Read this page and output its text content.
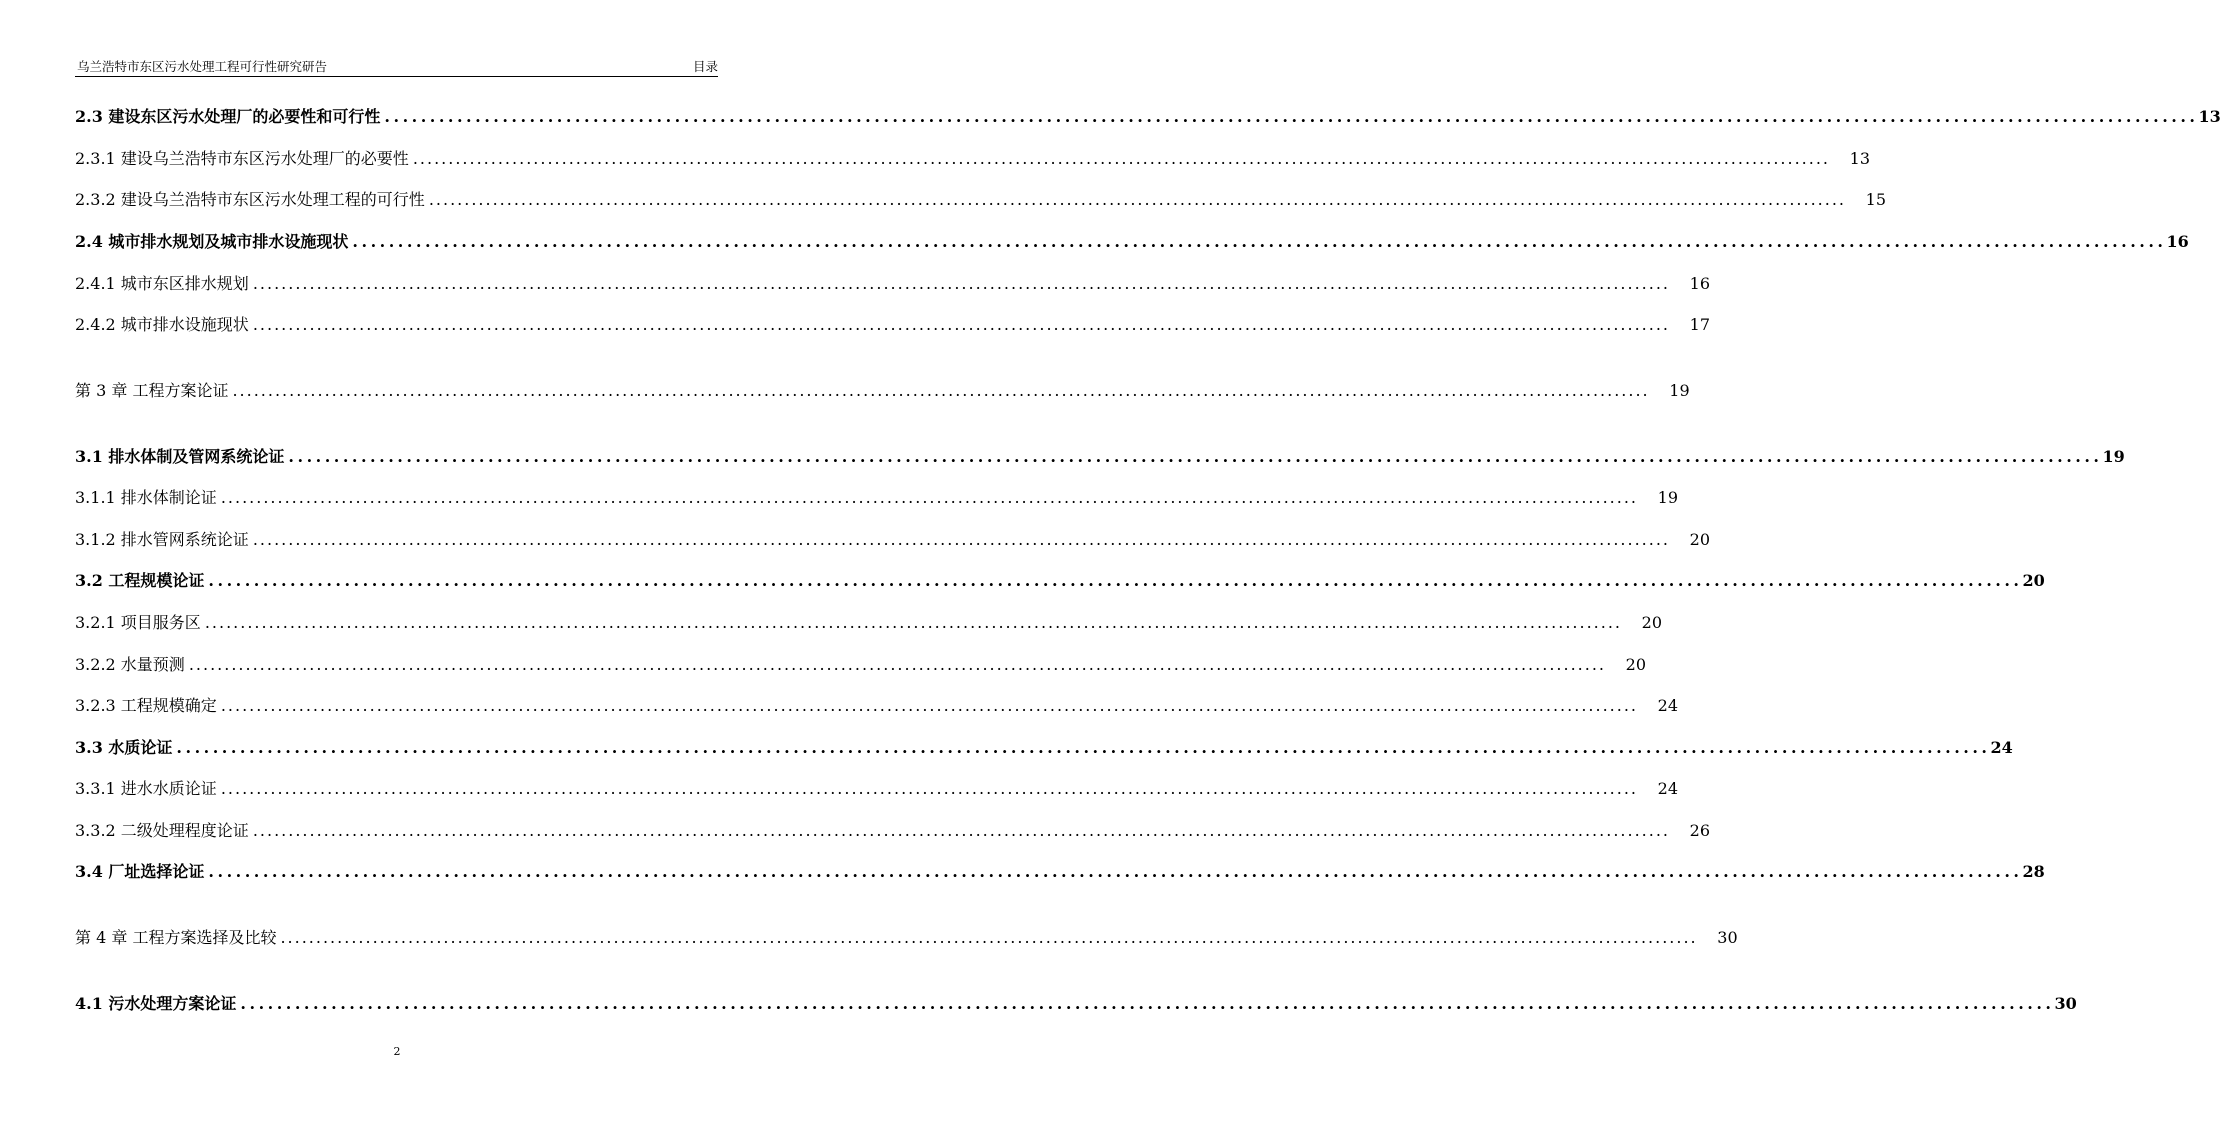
乌兰浩特市东区污水处理工程可行性研究研告	目录
2.3 建设东区污水处理厂的必要性和可行性 ........................................................................................................................................................................................................ 13
2.3.1 建设乌兰浩特市东区污水处理厂的必要性 ........................................................................................................................................................................................................ 13
2.3.2 建设乌兰浩特市东区污水处理工程的可行性 ........................................................................................................................................................................................................ 15
2.4 城市排水规划及城市排水设施现状 ........................................................................................................................................................................................................ 16
2.4.1 城市东区排水规划 ........................................................................................................................................................................................................ 16
2.4.2 城市排水设施现状 ........................................................................................................................................................................................................ 17
第 3 章 工程方案论证 ........................................................................................................................................................................................................ 19
3.1 排水体制及管网系统论证 ........................................................................................................................................................................................................ 19
3.1.1 排水体制论证 ........................................................................................................................................................................................................ 19
3.1.2 排水管网系统论证 ........................................................................................................................................................................................................ 20
3.2 工程规模论证 ........................................................................................................................................................................................................ 20
3.2.1 项目服务区 ........................................................................................................................................................................................................ 20
3.2.2 水量预测 ........................................................................................................................................................................................................ 20
3.2.3 工程规模确定 ........................................................................................................................................................................................................ 24
3.3 水质论证 ........................................................................................................................................................................................................ 24
3.3.1 进水水质论证 ........................................................................................................................................................................................................ 24
3.3.2 二级处理程度论证 ........................................................................................................................................................................................................ 26
3.4 厂址选择论证 ........................................................................................................................................................................................................ 28
第 4 章 工程方案选择及比较 ........................................................................................................................................................................................................ 30
4.1 污水处理方案论证 ........................................................................................................................................................................................................ 30
2
